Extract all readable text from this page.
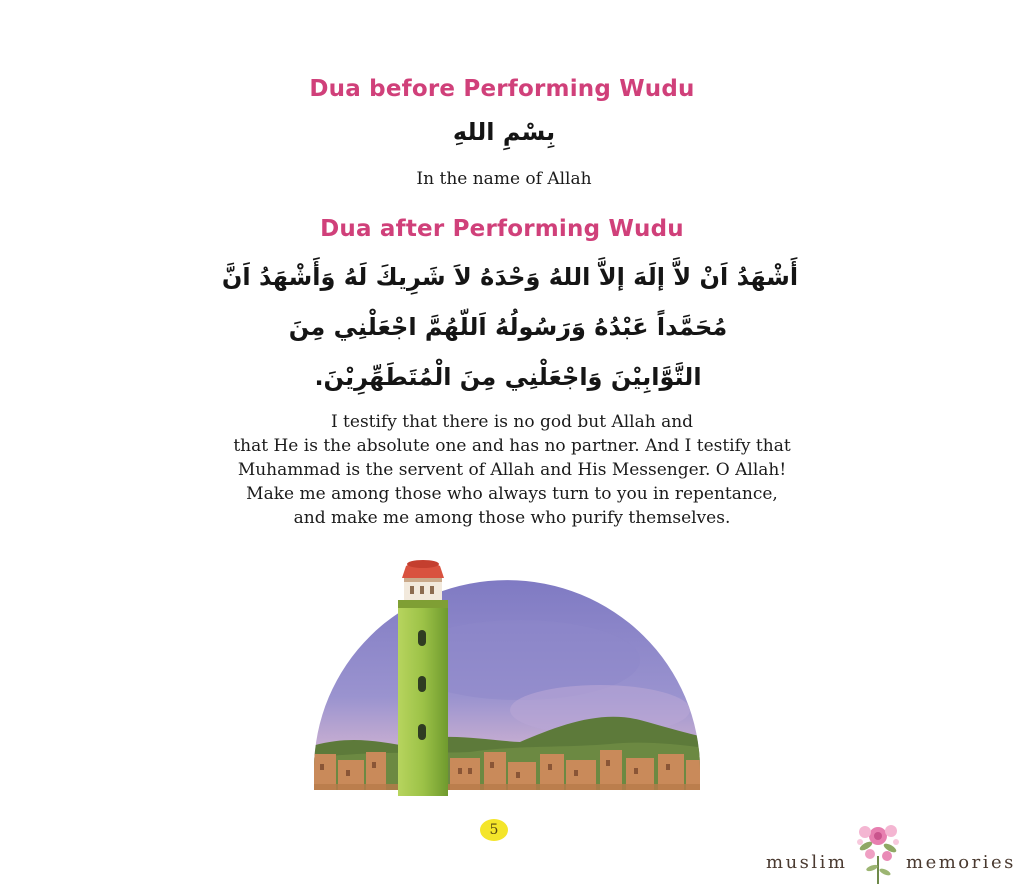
Dua before Performing Wudu
بِسْمِ اللهِ
In the name of Allah
Dua after Performing Wudu
أَشْهَدُ اَنْ لاَّ إلَهَ إلاَّ اللهُ وَحْدَهُ لاَ شَرِيكَ لَهُ وَأَشْهَدُ اَنَّ
مُحَمَّداً عَبْدُهُ وَرَسُولُهُ اَللّهُمَّ اجْعَلْنِي مِنَ
التَّوَّابِيْنَ وَاجْعَلْنِي مِنَ الْمُتَطَهِّرِيْنَ.
I testify that there is no god but Allah and
that He is the absolute one and has no partner. And I testify that
Muhammad is the servent of Allah and His Messenger. O Allah!
Make me among those who always turn to you in repentance,
and make me among those who purify themselves.
5
muslim	memories
